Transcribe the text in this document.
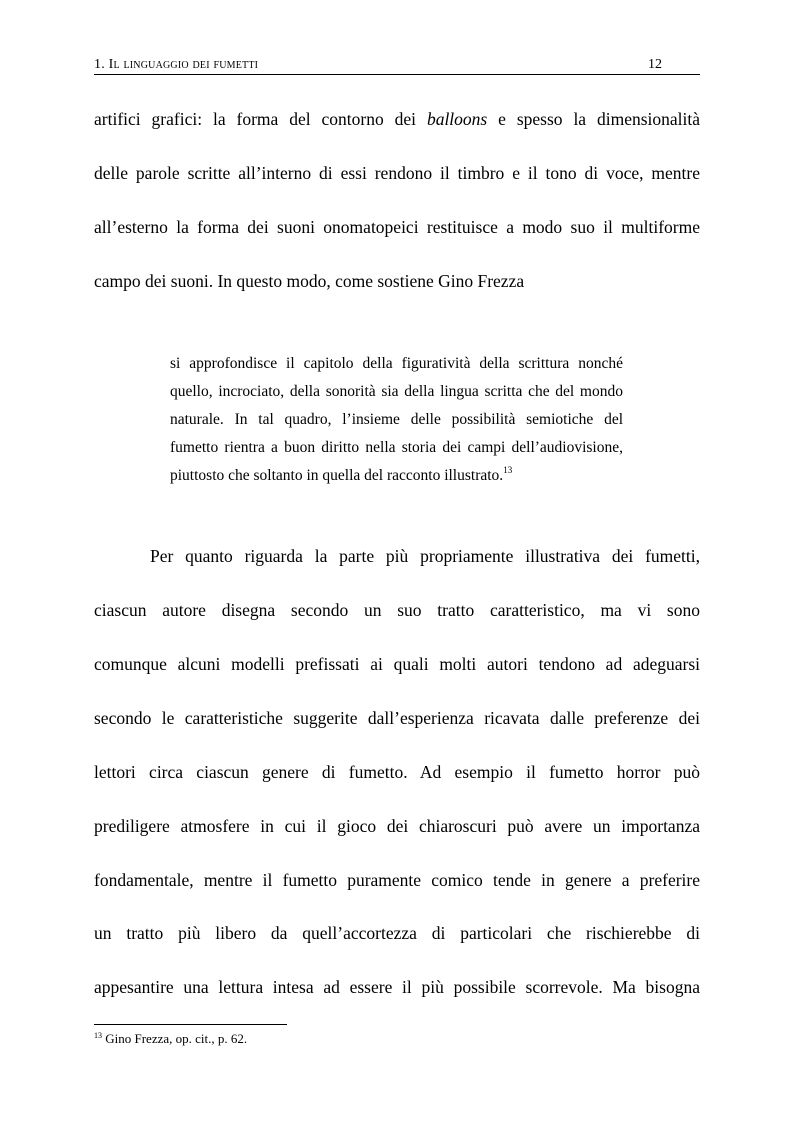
1. Il linguaggio dei fumetti	12
artifici grafici: la forma del contorno dei balloons e spesso la dimensionalità
delle parole scritte all’interno di essi rendono il timbro e il tono di voce, mentre
all’esterno la forma dei suoni onomatopeici restituisce a modo suo il multiforme
campo dei suoni. In questo modo, come sostiene Gino Frezza
si approfondisce il capitolo della figuratività della scrittura nonché
quello, incrociato, della sonorità sia della lingua scritta che del mondo
naturale. In tal quadro, l’insieme delle possibilità semiotiche del
fumetto rientra a buon diritto nella storia dei campi dell’audiovisione,
piuttosto che soltanto in quella del racconto illustrato.$^{13}$
Per quanto riguarda la parte più propriamente illustrativa dei fumetti,
ciascun autore disegna secondo un suo tratto caratteristico, ma vi sono
comunque alcuni modelli prefissati ai quali molti autori tendono ad adeguarsi
secondo le caratteristiche suggerite dall’esperienza ricavata dalle preferenze dei
lettori circa ciascun genere di fumetto. Ad esempio il fumetto horror può
prediligere atmosfere in cui il gioco dei chiaroscuri può avere un importanza
fondamentale, mentre il fumetto puramente comico tende in genere a preferire
un tratto più libero da quell’accortezza di particolari che rischierebbe di
appesantire una lettura intesa ad essere il più possibile scorrevole. Ma bisogna
$^{13}$ Gino Frezza, op. cit., p. 62.
